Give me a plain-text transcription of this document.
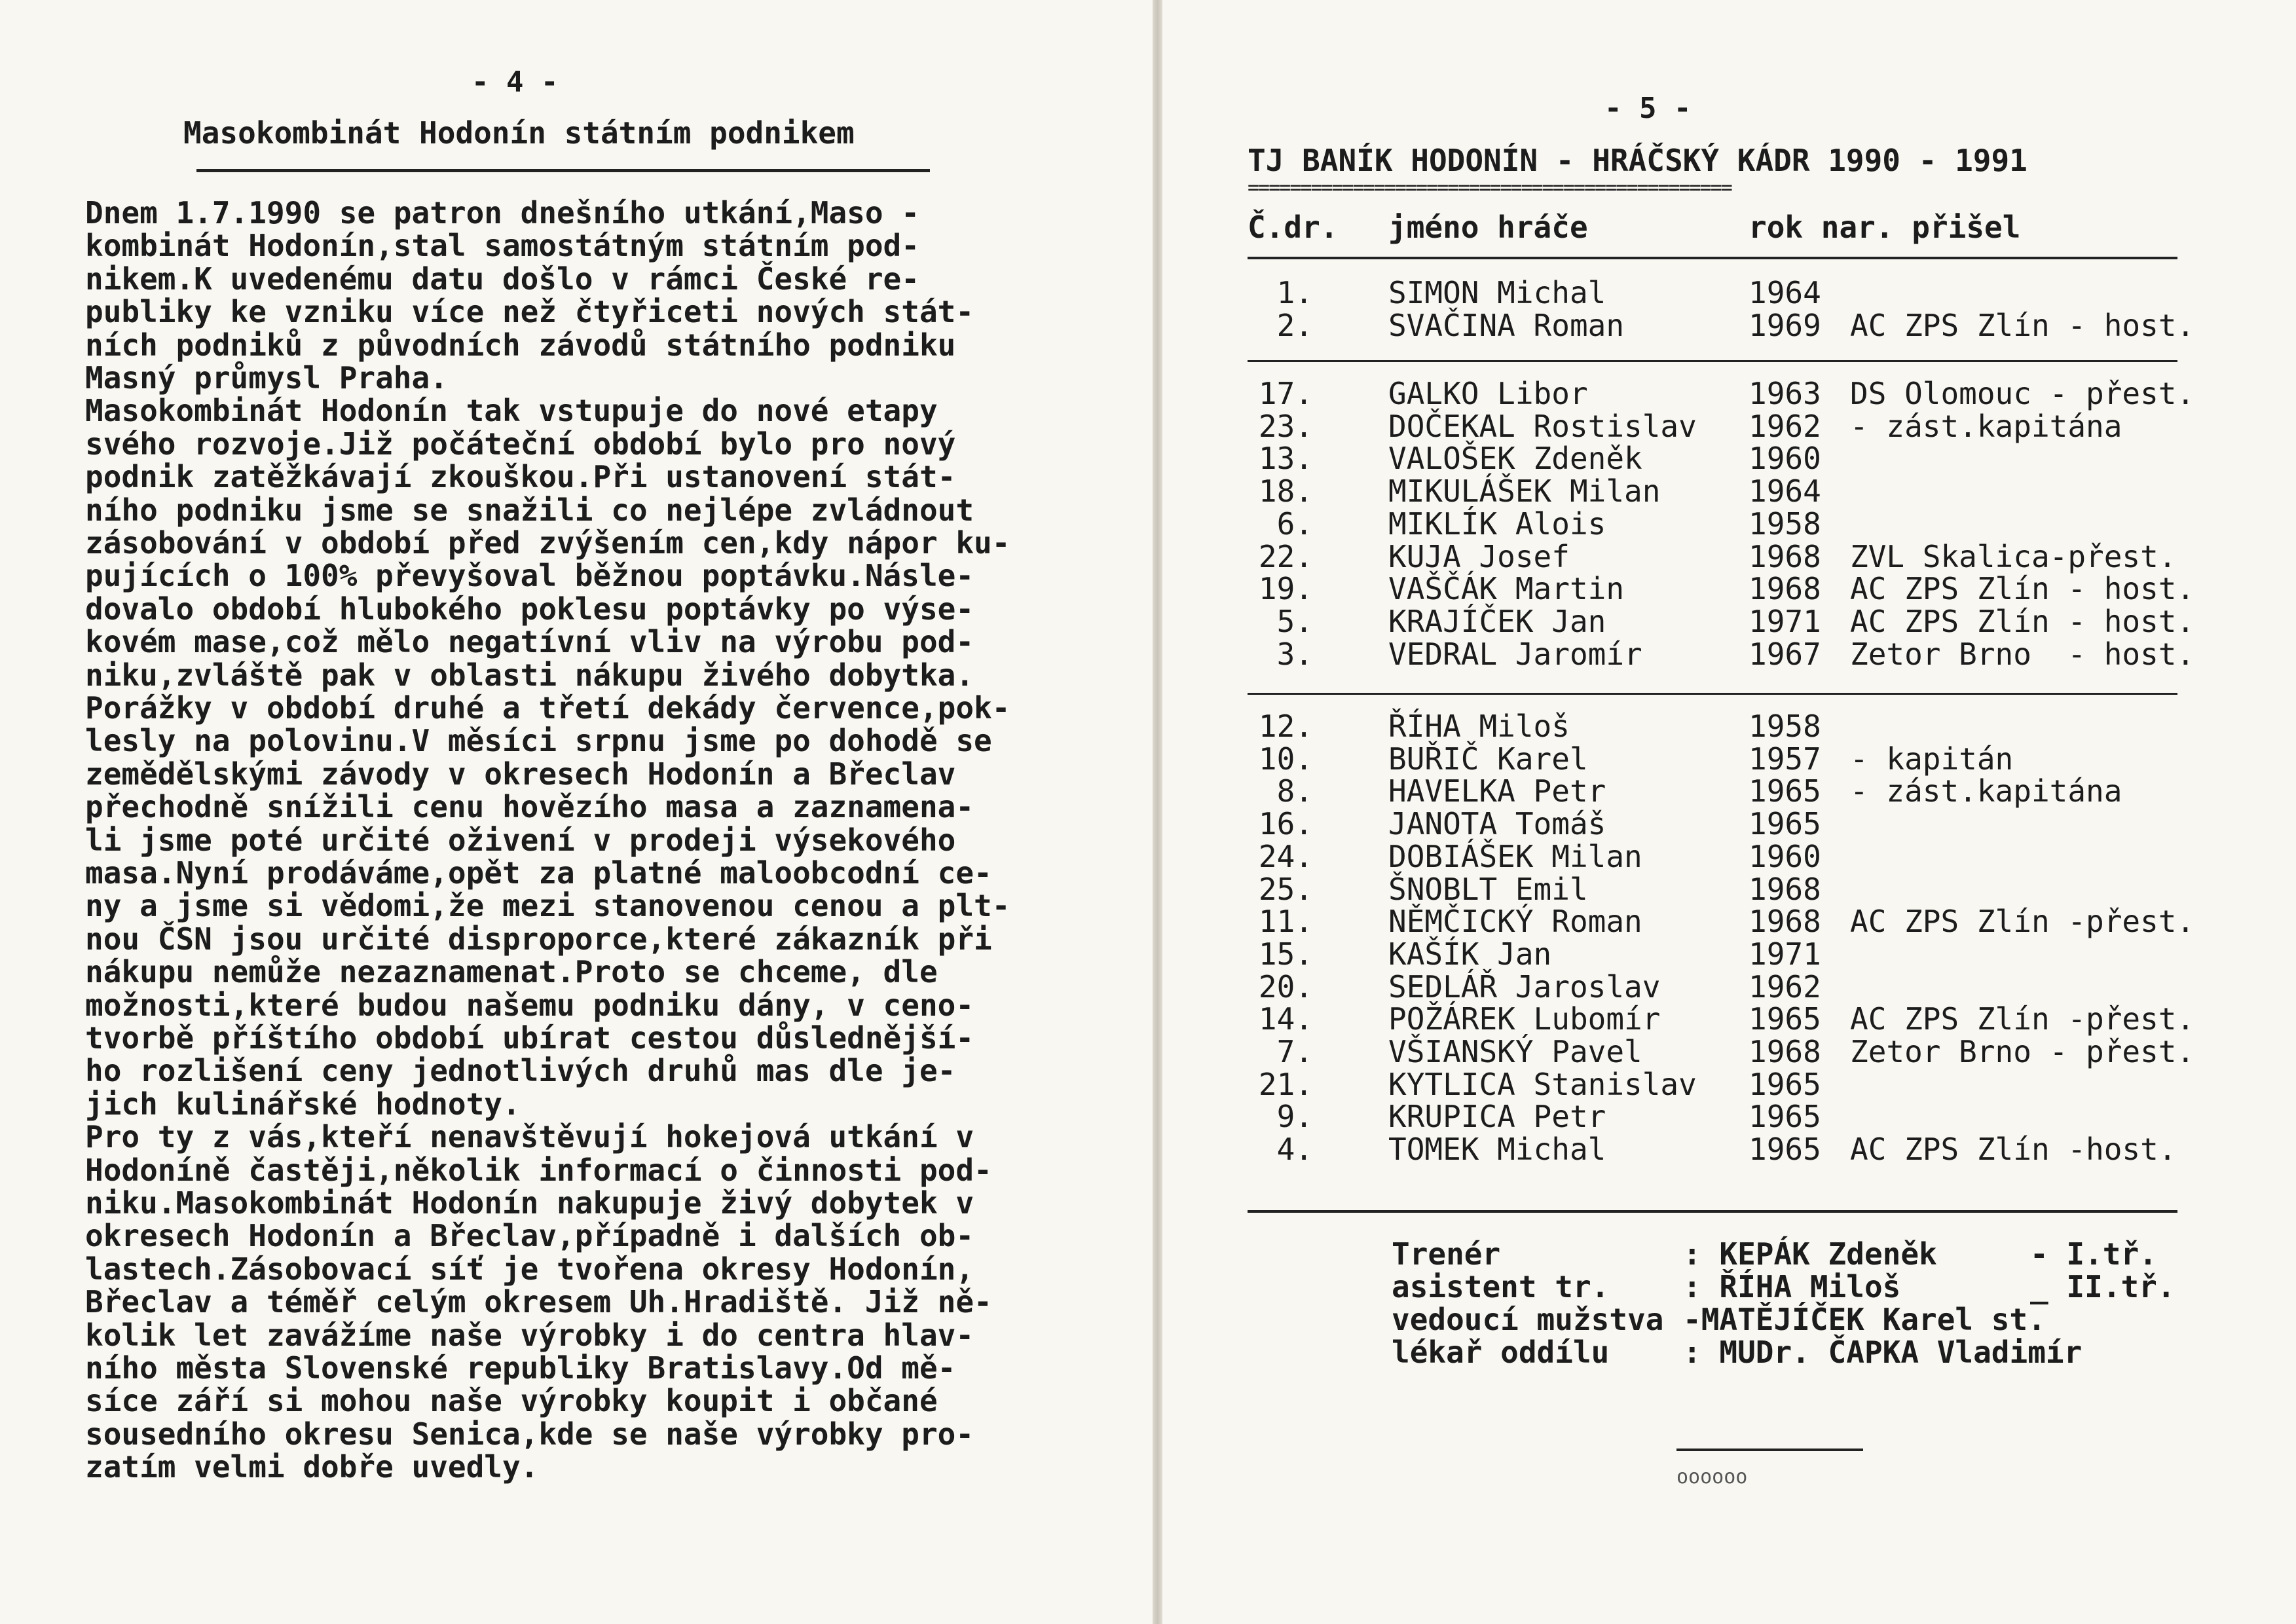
- 4 -
Masokombinát Hodonín státním podnikem
Dnem 1.7.1990 se patron dnešního utkání,Maso -
kombinát Hodonín,stal samostátným státním pod-
nikem.K uvedenému datu došlo v rámci České re-
publiky ke vzniku více než čtyřiceti nových stát-
ních podniků z původních závodů státního podniku
Masný průmysl Praha.
Masokombinát Hodonín tak vstupuje do nové etapy
svého rozvoje.Již počáteční období bylo pro nový
podnik zatěžkávají zkouškou.Při ustanovení stát-
ního podniku jsme se snažili co nejlépe zvládnout
zásobování v období před zvýšením cen,kdy nápor ku-
pujících o 100% převyšoval běžnou poptávku.Násle-
dovalo období hlubokého poklesu poptávky po výse-
kovém mase,což mělo negatívní vliv na výrobu pod-
niku,zvláště pak v oblasti nákupu živého dobytka.
Porážky v období druhé a třetí dekády července,pok-
lesly na polovinu.V měsíci srpnu jsme po dohodě se
zemědělskými závody v okresech Hodonín a Břeclav
přechodně snížili cenu hovězího masa a zaznamena-
li jsme poté určité oživení v prodeji výsekového
masa.Nyní prodáváme,opět za platné maloobcodní ce-
ny a jsme si vědomi,že mezi stanovenou cenou a plt-
nou ČSN jsou určité disproporce,které zákazník při
nákupu nemůže nezaznamenat.Proto se chceme, dle
možnosti,které budou našemu podniku dány, v ceno-
tvorbě příštího období ubírat cestou důslednější-
ho rozlišení ceny jednotlivých druhů mas dle je-
jich kulinářské hodnoty.
Pro ty z vás,kteří nenavštěvují hokejová utkání v
Hodoníně častěji,několik informací o činnosti pod-
niku.Masokombinát Hodonín nakupuje živý dobytek v
okresech Hodonín a Břeclav,případně i dalších ob-
lastech.Zásobovací síť je tvořena okresy Hodonín,
Břeclav a téměř celým okresem Uh.Hradiště. Již ně-
kolik let zavážíme naše výrobky i do centra hlav-
ního města Slovenské republiky Bratislavy.Od mě-
síce září si mohou naše výrobky koupit i občané
sousedního okresu Senica,kde se naše výrobky pro-
zatím velmi dobře uvedly.
- 5 -
TJ BANÍK HODONÍN - HRÁČSKÝ KÁDR 1990 - 1991
==============================================
Č.dr. jméno hráče	rok nar. přišel
1.	SIMON Michal	1964
2.	SVAČINA Roman	1969 AC ZPS Zlín - host.
17.	GALKO Libor	1963 DS Olomouc - přest.
23.	DOČEKAL Rostislav 1962 - zást.kapitána
13.	VALOŠEK Zdeněk	1960
18.	MIKULÁŠEK Milan	1964
6.	MIKLÍK Alois	1958
22.	KUJA Josef	1968 ZVL Skalica-přest.
19.	VAŠČÁK Martin	1968 AC ZPS Zlín - host.
5.	KRAJÍČEK Jan	1971 AC ZPS Zlín - host.
3.	VEDRAL Jaromír	1967 Zetor Brno  - host.
12.	ŘÍHA Miloš	1958
10.	BUŘIČ Karel	1957 - kapitán
8.	HAVELKA Petr	1965 - zást.kapitána
16.	JANOTA Tomáš	1965
24.	DOBIÁŠEK Milan	1960
25.	ŠNOBLT Emil	1968
11.	NĚMČICKÝ Roman	1968 AC ZPS Zlín -přest.
15.	KAŠÍK Jan	1971
20.	SEDLÁŘ Jaroslav	1962
14.	POŽÁREK Lubomír	1965 AC ZPS Zlín -přest.
7.	VŠIANSKÝ Pavel	1968 Zetor Brno - přest.
21.	KYTLICA Stanislav 1965
9.	KRUPICA Petr	1965
4.	TOMEK Michal	1965 AC ZPS Zlín -host.
Trenér	: KEPÁK Zdeněk	- I.tř.
asistent tr. : ŘÍHA Miloš	_ II.tř.
vedoucí mužstva -MATĚJÍČEK Karel st.
lékař oddílu : MUDr. ČAPKA Vladimír
oooooo
